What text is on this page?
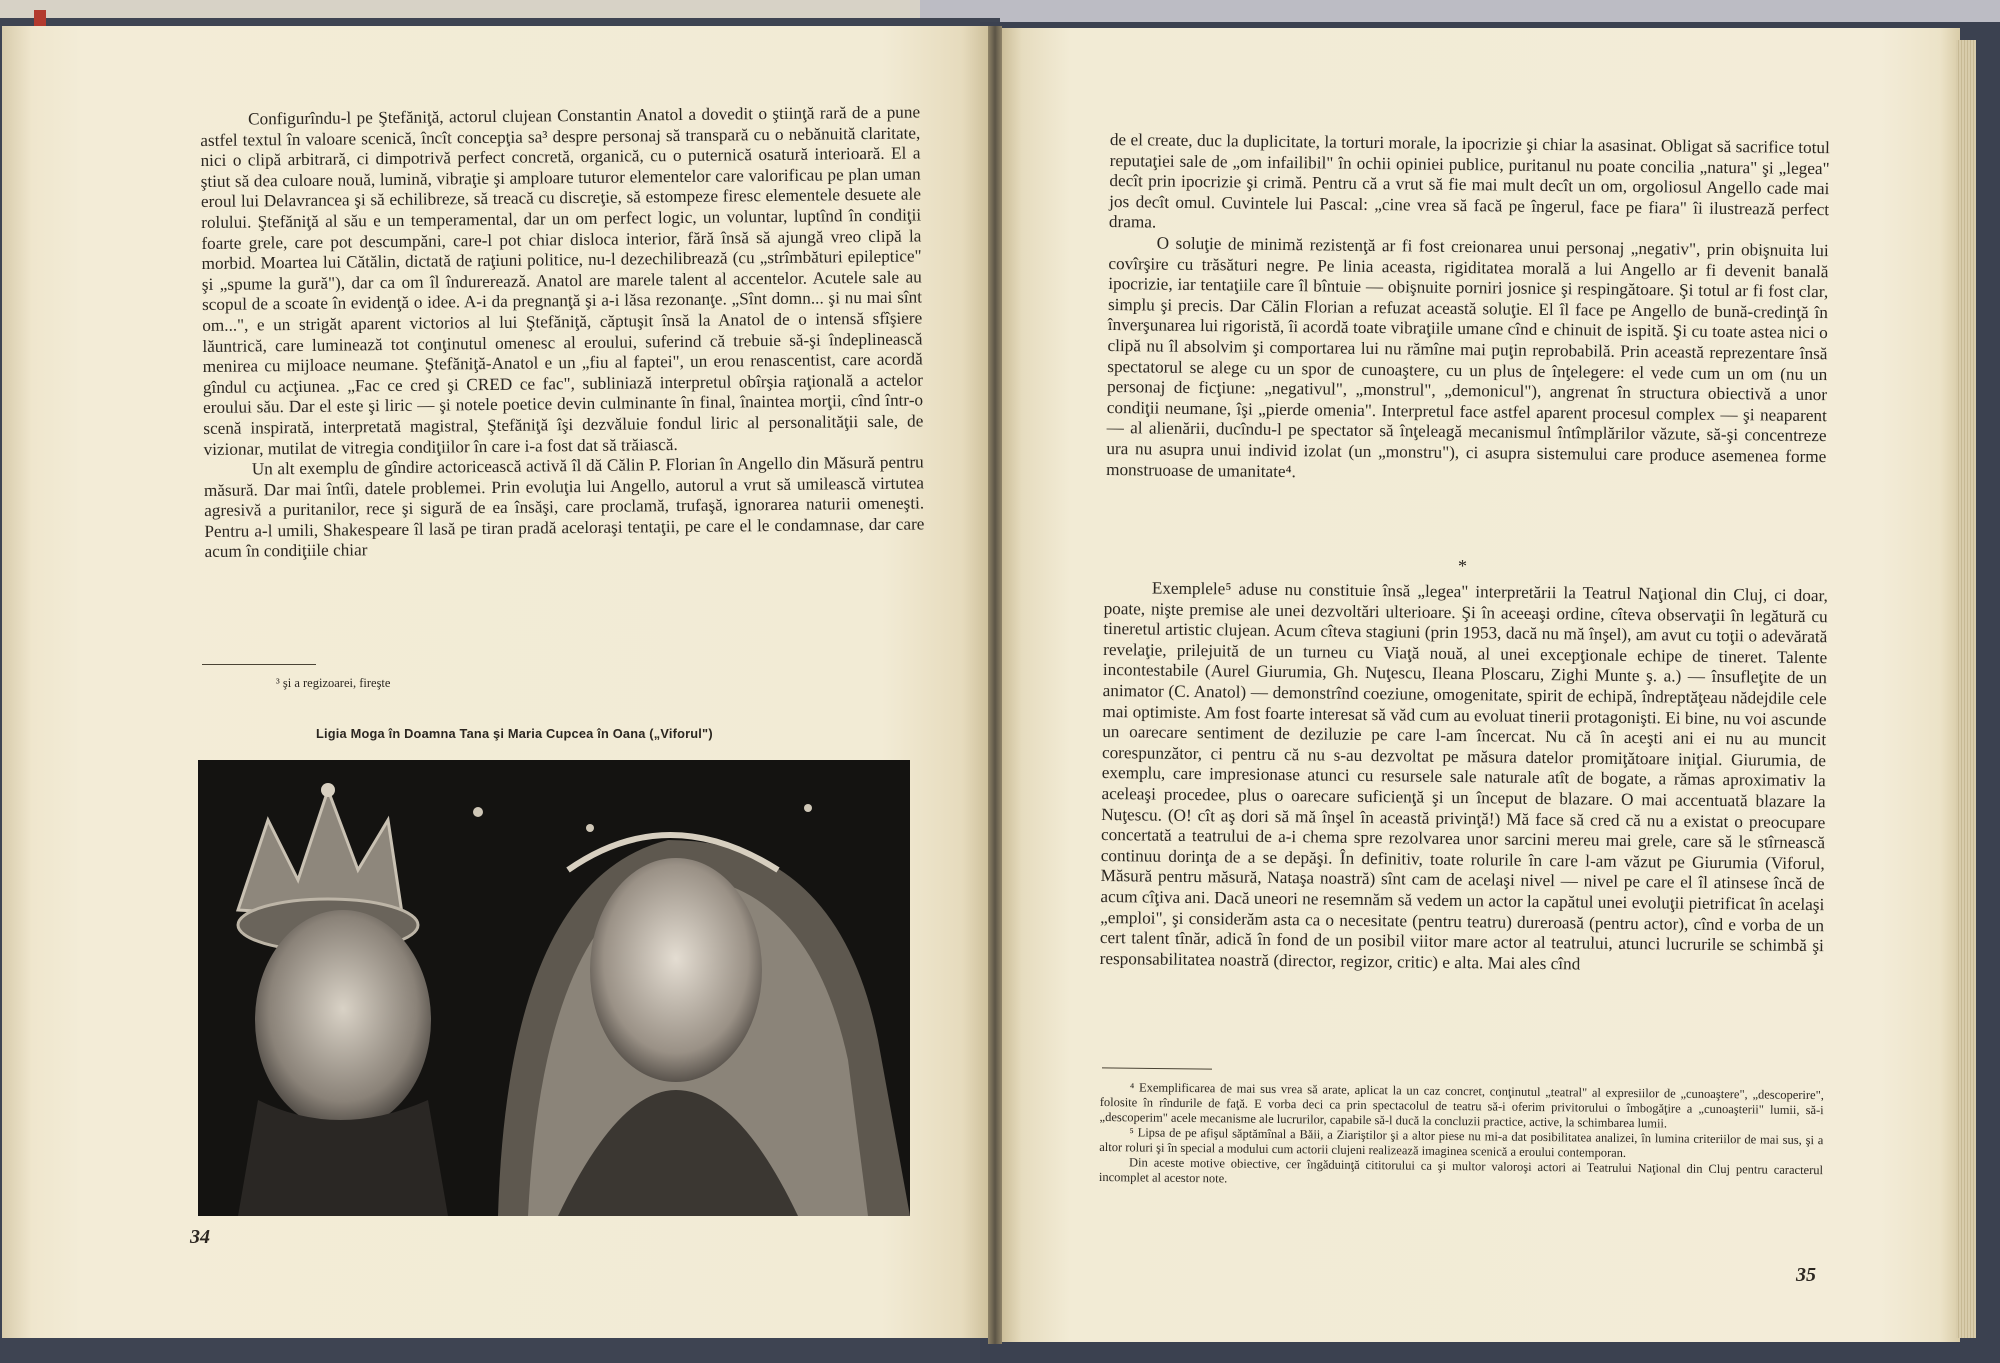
Configurîndu-l pe Ştefăniţă, actorul clujean Constantin Anatol a dovedit o ştiinţă rară de a pune astfel textul în valoare scenică, încît concepţia sa³ despre personaj să transpară cu o nebănuită claritate, nici o clipă arbitrară, ci dimpotrivă perfect concretă, organică, cu o puternică osatură interioară. El a ştiut să dea culoare nouă, lumină, vibraţie şi amploare tuturor elementelor care valorificau pe plan uman eroul lui Delavrancea şi să echilibreze, să treacă cu discreţie, să estompeze firesc elementele desuete ale rolului. Ştefăniţă al său e un temperamental, dar un om perfect logic, un voluntar, luptînd în condiţii foarte grele, care pot descumpăni, care-l pot chiar disloca interior, fără însă să ajungă vreo clipă la morbid. Moartea lui Cătălin, dictată de raţiuni politice, nu-l dezechilibrează (cu „strîmbături epileptice" şi „spume la gură"), dar ca om îl îndurerează. Anatol are marele talent al accentelor. Acutele sale au scopul de a scoate în evidenţă o idee. A-i da pregnanţă şi a-i lăsa rezonanţe. „Sînt domn... şi nu mai sînt om...", e un strigăt aparent victorios al lui Ştefăniţă, căptuşit însă la Anatol de o intensă sfîşiere lăuntrică, care luminează tot conţinutul omenesc al eroului, suferind că trebuie să-şi îndeplinească menirea cu mijloace neumane. Ştefăniţă-Anatol e un „fiu al faptei", un erou renascentist, care acordă gîndul cu acţiunea. „Fac ce cred şi CRED ce fac", subliniază interpretul obîrşia raţională a actelor eroului său. Dar el este şi liric — şi notele poetice devin culminante în final, înaintea morţii, cînd într-o scenă inspirată, interpretată magistral, Ştefăniţă îşi dezvăluie fondul liric al personalităţii sale, de vizionar, mutilat de vitregia condiţiilor în care i-a fost dat să trăiască.

Un alt exemplu de gîndire actoricească activă îl dă Călin P. Florian în Angello din Măsură pentru măsură. Dar mai întîi, datele problemei. Prin evoluţia lui Angello, autorul a vrut să umilească virtutea agresivă a puritanilor, rece şi sigură de ea însăşi, care proclamă, trufaşă, ignorarea naturii omeneşti. Pentru a-l umili, Shakespeare îl lasă pe tiran pradă aceloraşi tentaţii, pe care el le condamnase, dar care acum în condiţiile chiar

³ şi a regizoarei, fireşte

Ligia Moga în Doamna Tana şi Maria Cupcea în Oana („Viforul")
34

de el create, duc la duplicitate, la torturi morale, la ipocrizie şi chiar la asasinat. Obligat să sacrifice totul reputaţiei sale de „om infailibil" în ochii opiniei publice, puritanul nu poate concilia „natura" şi „legea" decît prin ipocrizie şi crimă. Pentru că a vrut să fie mai mult decît un om, orgoliosul Angello cade mai jos decît omul. Cuvintele lui Pascal: „cine vrea să facă pe îngerul, face pe fiara" îi ilustrează perfect drama.

O soluţie de minimă rezistenţă ar fi fost creionarea unui personaj „negativ", prin obişnuita lui covîrşire cu trăsături negre. Pe linia aceasta, rigiditatea morală a lui Angello ar fi devenit banală ipocrizie, iar tentaţiile care îl bîntuie — obişnuite porniri josnice şi respingătoare. Şi totul ar fi fost clar, simplu şi precis. Dar Călin Florian a refuzat această soluţie. El îl face pe Angello de bună-credinţă în înverşunarea lui rigoristă, îi acordă toate vibraţiile umane cînd e chinuit de ispită. Şi cu toate astea nici o clipă nu îl absolvim şi comportarea lui nu rămîne mai puţin reprobabilă. Prin această reprezentare însă spectatorul se alege cu un spor de cunoaştere, cu un plus de înţelegere: el vede cum un om (nu un personaj de ficţiune: „negativul", „monstrul", „demonicul"), angrenat în structura obiectivă a unor condiţii neumane, îşi „pierde omenia". Interpretul face astfel aparent procesul complex — şi neaparent — al alienării, ducîndu-l pe spectator să înţeleagă mecanismul întîmplărilor văzute, să-şi concentreze ura nu asupra unui individ izolat (un „monstru"), ci asupra sistemului care produce asemenea forme monstruoase de umanitate⁴.

*

Exemplele⁵ aduse nu constituie însă „legea" interpretării la Teatrul Naţional din Cluj, ci doar, poate, nişte premise ale unei dezvoltări ulterioare. Şi în aceeaşi ordine, cîteva observaţii în legătură cu tineretul artistic clujean. Acum cîteva stagiuni (prin 1953, dacă nu mă înşel), am avut cu toţii o adevărată revelaţie, prilejuită de un turneu cu Viaţă nouă, al unei excepţionale echipe de tineret. Talente incontestabile (Aurel Giurumia, Gh. Nuţescu, Ileana Ploscaru, Zighi Munte ş. a.) — însufleţite de un animator (C. Anatol) — demonstrînd coeziune, omogenitate, spirit de echipă, îndreptăţeau nădejdile cele mai optimiste. Am fost foarte interesat să văd cum au evoluat tinerii protagonişti. Ei bine, nu voi ascunde un oarecare sentiment de deziluzie pe care l-am încercat. Nu că în aceşti ani ei nu au muncit corespunzător, ci pentru că nu s-au dezvoltat pe măsura datelor promiţătoare iniţial. Giurumia, de exemplu, care impresionase atunci cu resursele sale naturale atît de bogate, a rămas aproximativ la aceleaşi procedee, plus o oarecare suficienţă şi un început de blazare. O mai accentuată blazare la Nuţescu. (O! cît aş dori să mă înşel în această privinţă!) Mă face să cred că nu a existat o preocupare concertată a teatrului de a-i chema spre rezolvarea unor sarcini mereu mai grele, care să le stîrnească continuu dorinţa de a se depăşi. În definitiv, toate rolurile în care l-am văzut pe Giurumia (Viforul, Măsură pentru măsură, Nataşa noastră) sînt cam de acelaşi nivel — nivel pe care el îl atinsese încă de acum cîţiva ani. Dacă uneori ne resemnăm să vedem un actor la capătul unei evoluţii pietrificat în acelaşi „emploi", şi considerăm asta ca o necesitate (pentru teatru) dureroasă (pentru actor), cînd e vorba de un cert talent tînăr, adică în fond de un posibil viitor mare actor al teatrului, atunci lucrurile se schimbă şi responsabilitatea noastră (director, regizor, critic) e alta. Mai ales cînd

⁴ Exemplificarea de mai sus vrea să arate, aplicat la un caz concret, conţinutul „teatral" al expresiilor de „cunoaştere", „descoperire", folosite în rîndurile de faţă. E vorba deci ca prin spectacolul de teatru să-i oferim privitorului o îmbogăţire a „cunoaşterii" lumii, să-i „descoperim" acele mecanisme ale lucrurilor, capabile să-l ducă la concluzii practice, active, la schimbarea lumii.

⁵ Lipsa de pe afişul săptămînal a Băii, a Ziariştilor şi a altor piese nu mi-a dat posibilitatea analizei, în lumina criteriilor de mai sus, şi a altor roluri şi în special a modului cum actorii clujeni realizează imaginea scenică a eroului contemporan.

Din aceste motive obiective, cer îngăduinţă cititorului ca şi multor valoroşi actori ai Teatrului Naţional din Cluj pentru caracterul incomplet al acestor note.

35
